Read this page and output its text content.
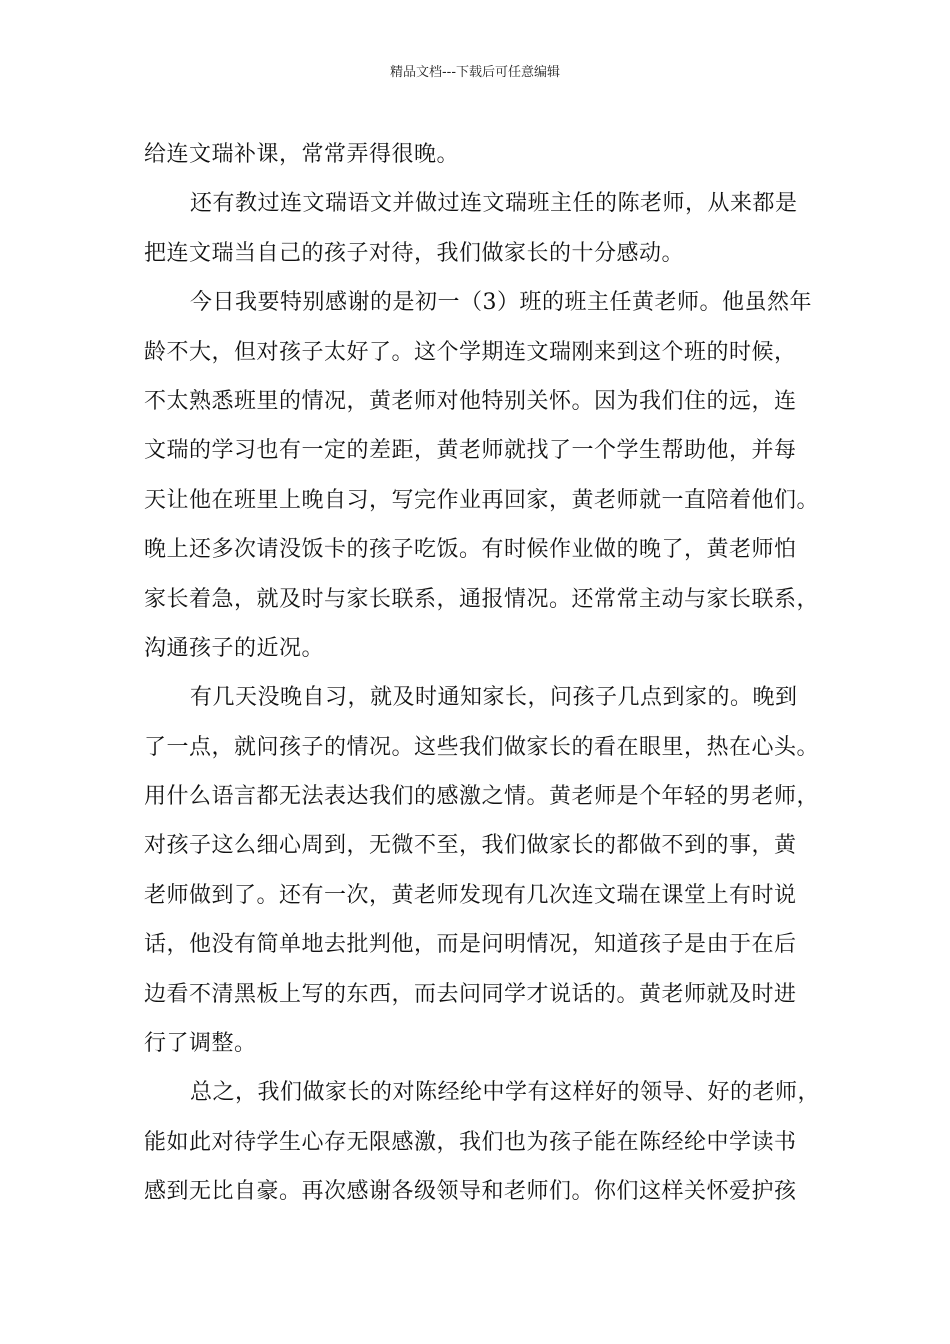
精品文档---下载后可任意编辑
给连文瑞补课，常常弄得很晚。
还有教过连文瑞语文并做过连文瑞班主任的陈老师，从来都是
把连文瑞当自己的孩子对待，我们做家长的十分感动。
今日我要特别感谢的是初一（3）班的班主任黄老师。他虽然年
龄不大，但对孩子太好了。这个学期连文瑞刚来到这个班的时候，
不太熟悉班里的情况，黄老师对他特别关怀。因为我们住的远，连
文瑞的学习也有一定的差距，黄老师就找了一个学生帮助他，并每
天让他在班里上晚自习，写完作业再回家，黄老师就一直陪着他们。
晚上还多次请没饭卡的孩子吃饭。有时候作业做的晚了，黄老师怕
家长着急，就及时与家长联系，通报情况。还常常主动与家长联系，
沟通孩子的近况。
有几天没晚自习，就及时通知家长，问孩子几点到家的。晚到
了一点，就问孩子的情况。这些我们做家长的看在眼里，热在心头。
用什么语言都无法表达我们的感激之情。黄老师是个年轻的男老师，
对孩子这么细心周到，无微不至，我们做家长的都做不到的事，黄
老师做到了。还有一次，黄老师发现有几次连文瑞在课堂上有时说
话，他没有简单地去批判他，而是问明情况，知道孩子是由于在后
边看不清黑板上写的东西，而去问同学才说话的。黄老师就及时进
行了调整。
总之，我们做家长的对陈经纶中学有这样好的领导、好的老师，
能如此对待学生心存无限感激，我们也为孩子能在陈经纶中学读书
感到无比自豪。再次感谢各级领导和老师们。你们这样关怀爱护孩
